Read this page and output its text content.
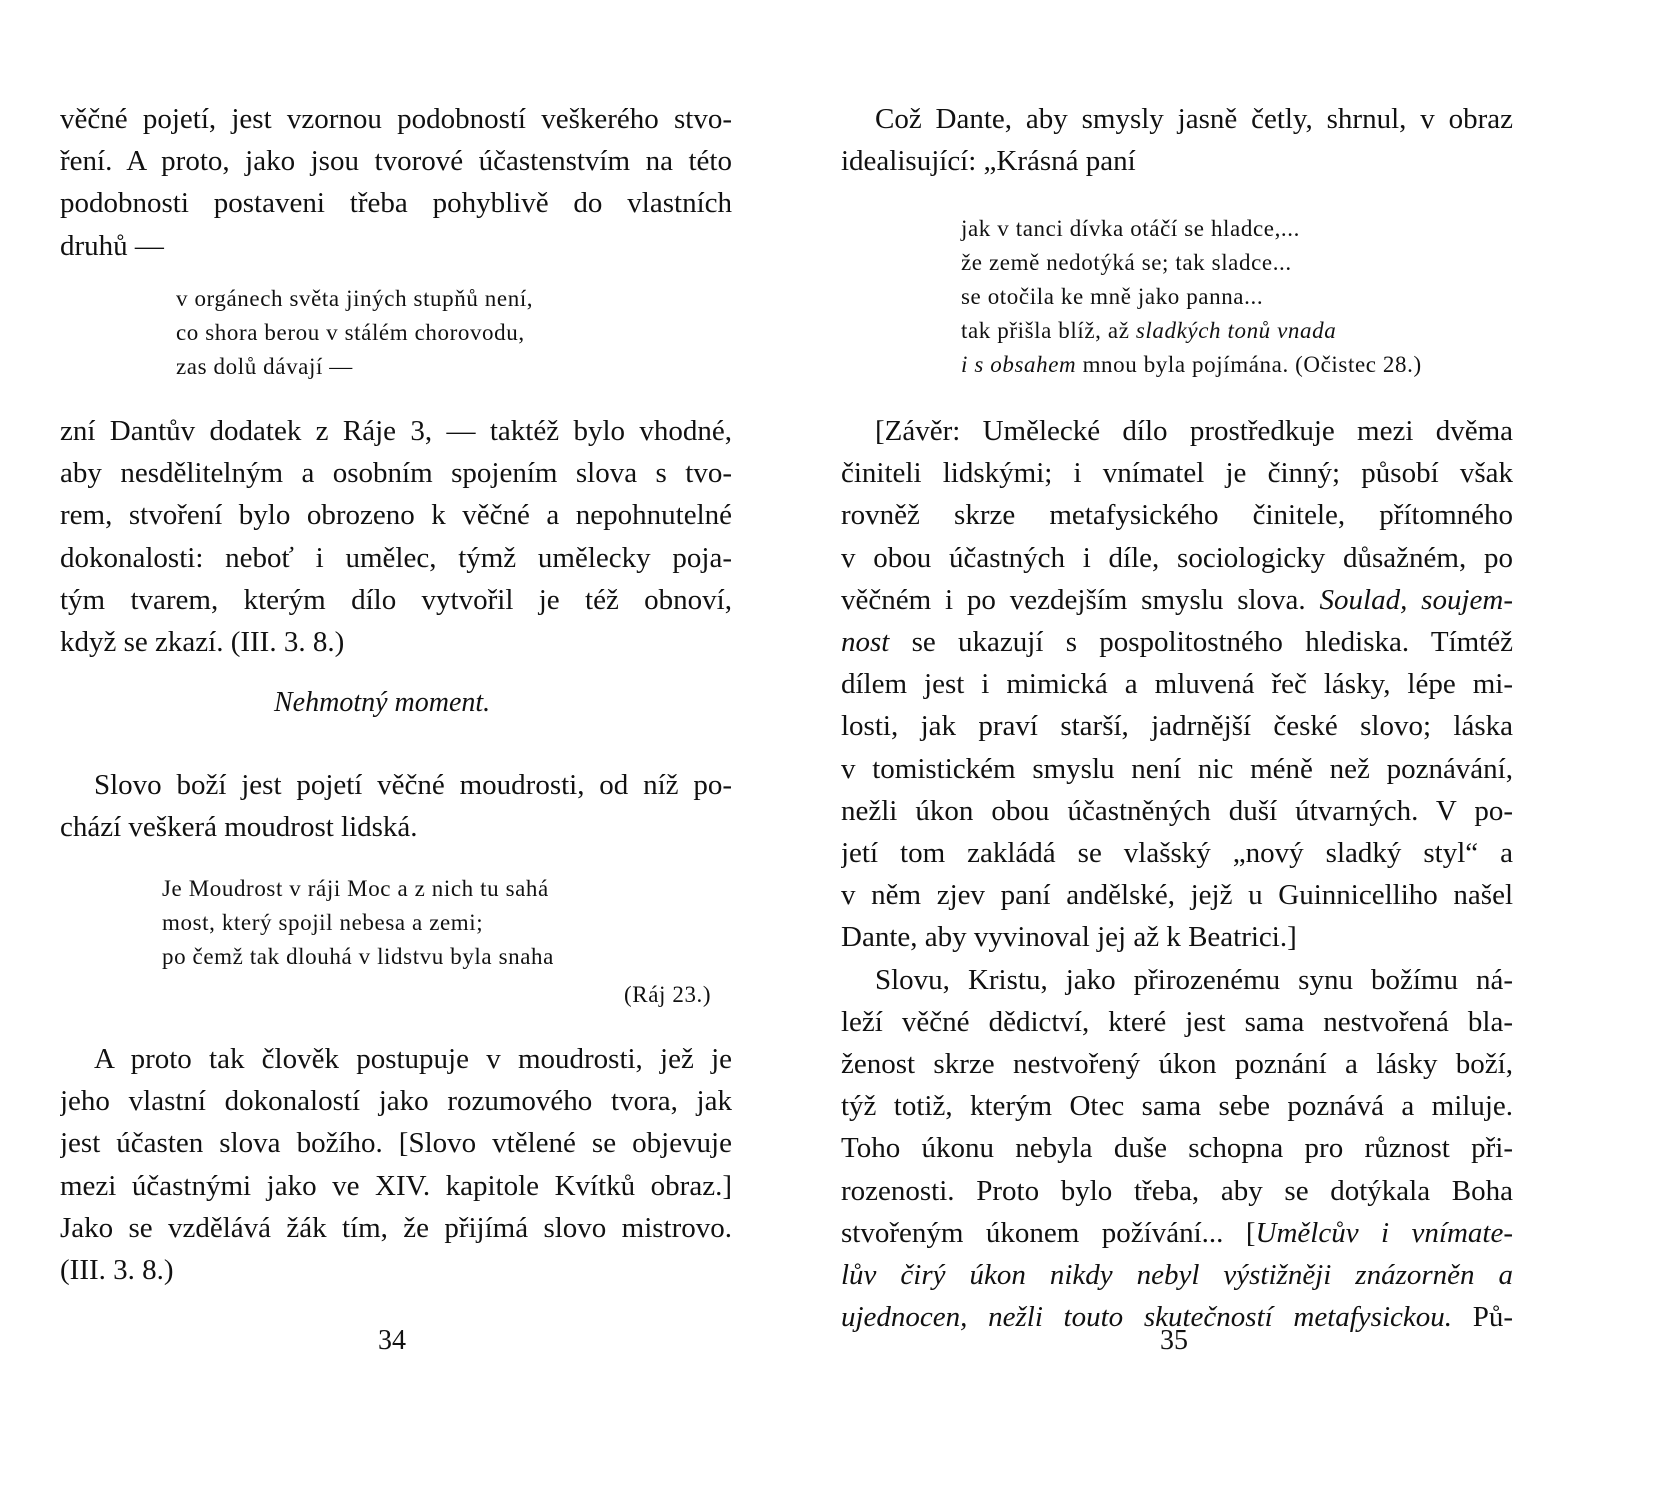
věčné pojetí, jest vzornou podobností veškerého stvo-
ření. A proto, jako jsou tvorové účastenstvím na této
podobnosti postaveni třeba pohyblivě do vlastních
druhů —
v orgánech světa jiných stupňů není,
co shora berou v stálém chorovodu,
zas dolů dávají —
zní Dantův dodatek z Ráje 3, — taktéž bylo vhodné,
aby nesdělitelným a osobním spojením slova s tvo-
rem, stvoření bylo obrozeno k věčné a nepohnutelné
dokonalosti: neboť i umělec, týmž umělecky poja-
tým tvarem, kterým dílo vytvořil je též obnoví,
když se zkazí. (III. 3. 8.)
Nehmotný moment.
Slovo boží jest pojetí věčné moudrosti, od níž po-
chází veškerá moudrost lidská.
Je Moudrost v ráji Moc a z nich tu sahá
most, který spojil nebesa a zemi;
po čemž tak dlouhá v lidstvu byla snaha
(Ráj 23.)
A proto tak člověk postupuje v moudrosti, jež je
jeho vlastní dokonalostí jako rozumového tvora, jak
jest účasten slova božího. [Slovo vtělené se objevuje
mezi účastnými jako ve XIV. kapitole Kvítků obraz.]
Jako se vzdělává žák tím, že přijímá slovo mistrovo.
(III. 3. 8.)
34
Což Dante, aby smysly jasně četly, shrnul, v obraz
idealisující: „Krásná paní
jak v tanci dívka otáčí se hladce,...
že země nedotýká se; tak sladce...
se otočila ke mně jako panna...
tak přišla blíž, až sladkých tonů vnada
i s obsahem mnou byla pojímána. (Očistec 28.)
[Závěr: Umělecké dílo prostředkuje mezi dvěma
činiteli lidskými; i vnímatel je činný; působí však
rovněž skrze metafysického činitele, přítomného
v obou účastných i díle, sociologicky důsažném, po
věčném i po vezdejším smyslu slova. Soulad, soujem-
nost se ukazují s pospolitostného hlediska. Tímtéž
dílem jest i mimická a mluvená řeč lásky, lépe mi-
losti, jak praví starší, jadrnější české slovo; láska
v tomistickém smyslu není nic méně než poznávání,
nežli úkon obou účastněných duší útvarných. V po-
jetí tom zakládá se vlašský „nový sladký styl“ a
v něm zjev paní andělské, jejž u Guinnicelliho našel
Dante, aby vyvinoval jej až k Beatrici.]
Slovu, Kristu, jako přirozenému synu božímu ná-
leží věčné dědictví, které jest sama nestvořená bla-
ženost skrze nestvořený úkon poznání a lásky boží,
týž totiž, kterým Otec sama sebe poznává a miluje.
Toho úkonu nebyla duše schopna pro různost při-
rozenosti. Proto bylo třeba, aby se dotýkala Boha
stvořeným úkonem požívání... [Umělcův i vnímate-
lův čirý úkon nikdy nebyl výstižněji znázorněn a
ujednocen, nežli touto skutečností metafysickou. Pů-
35
